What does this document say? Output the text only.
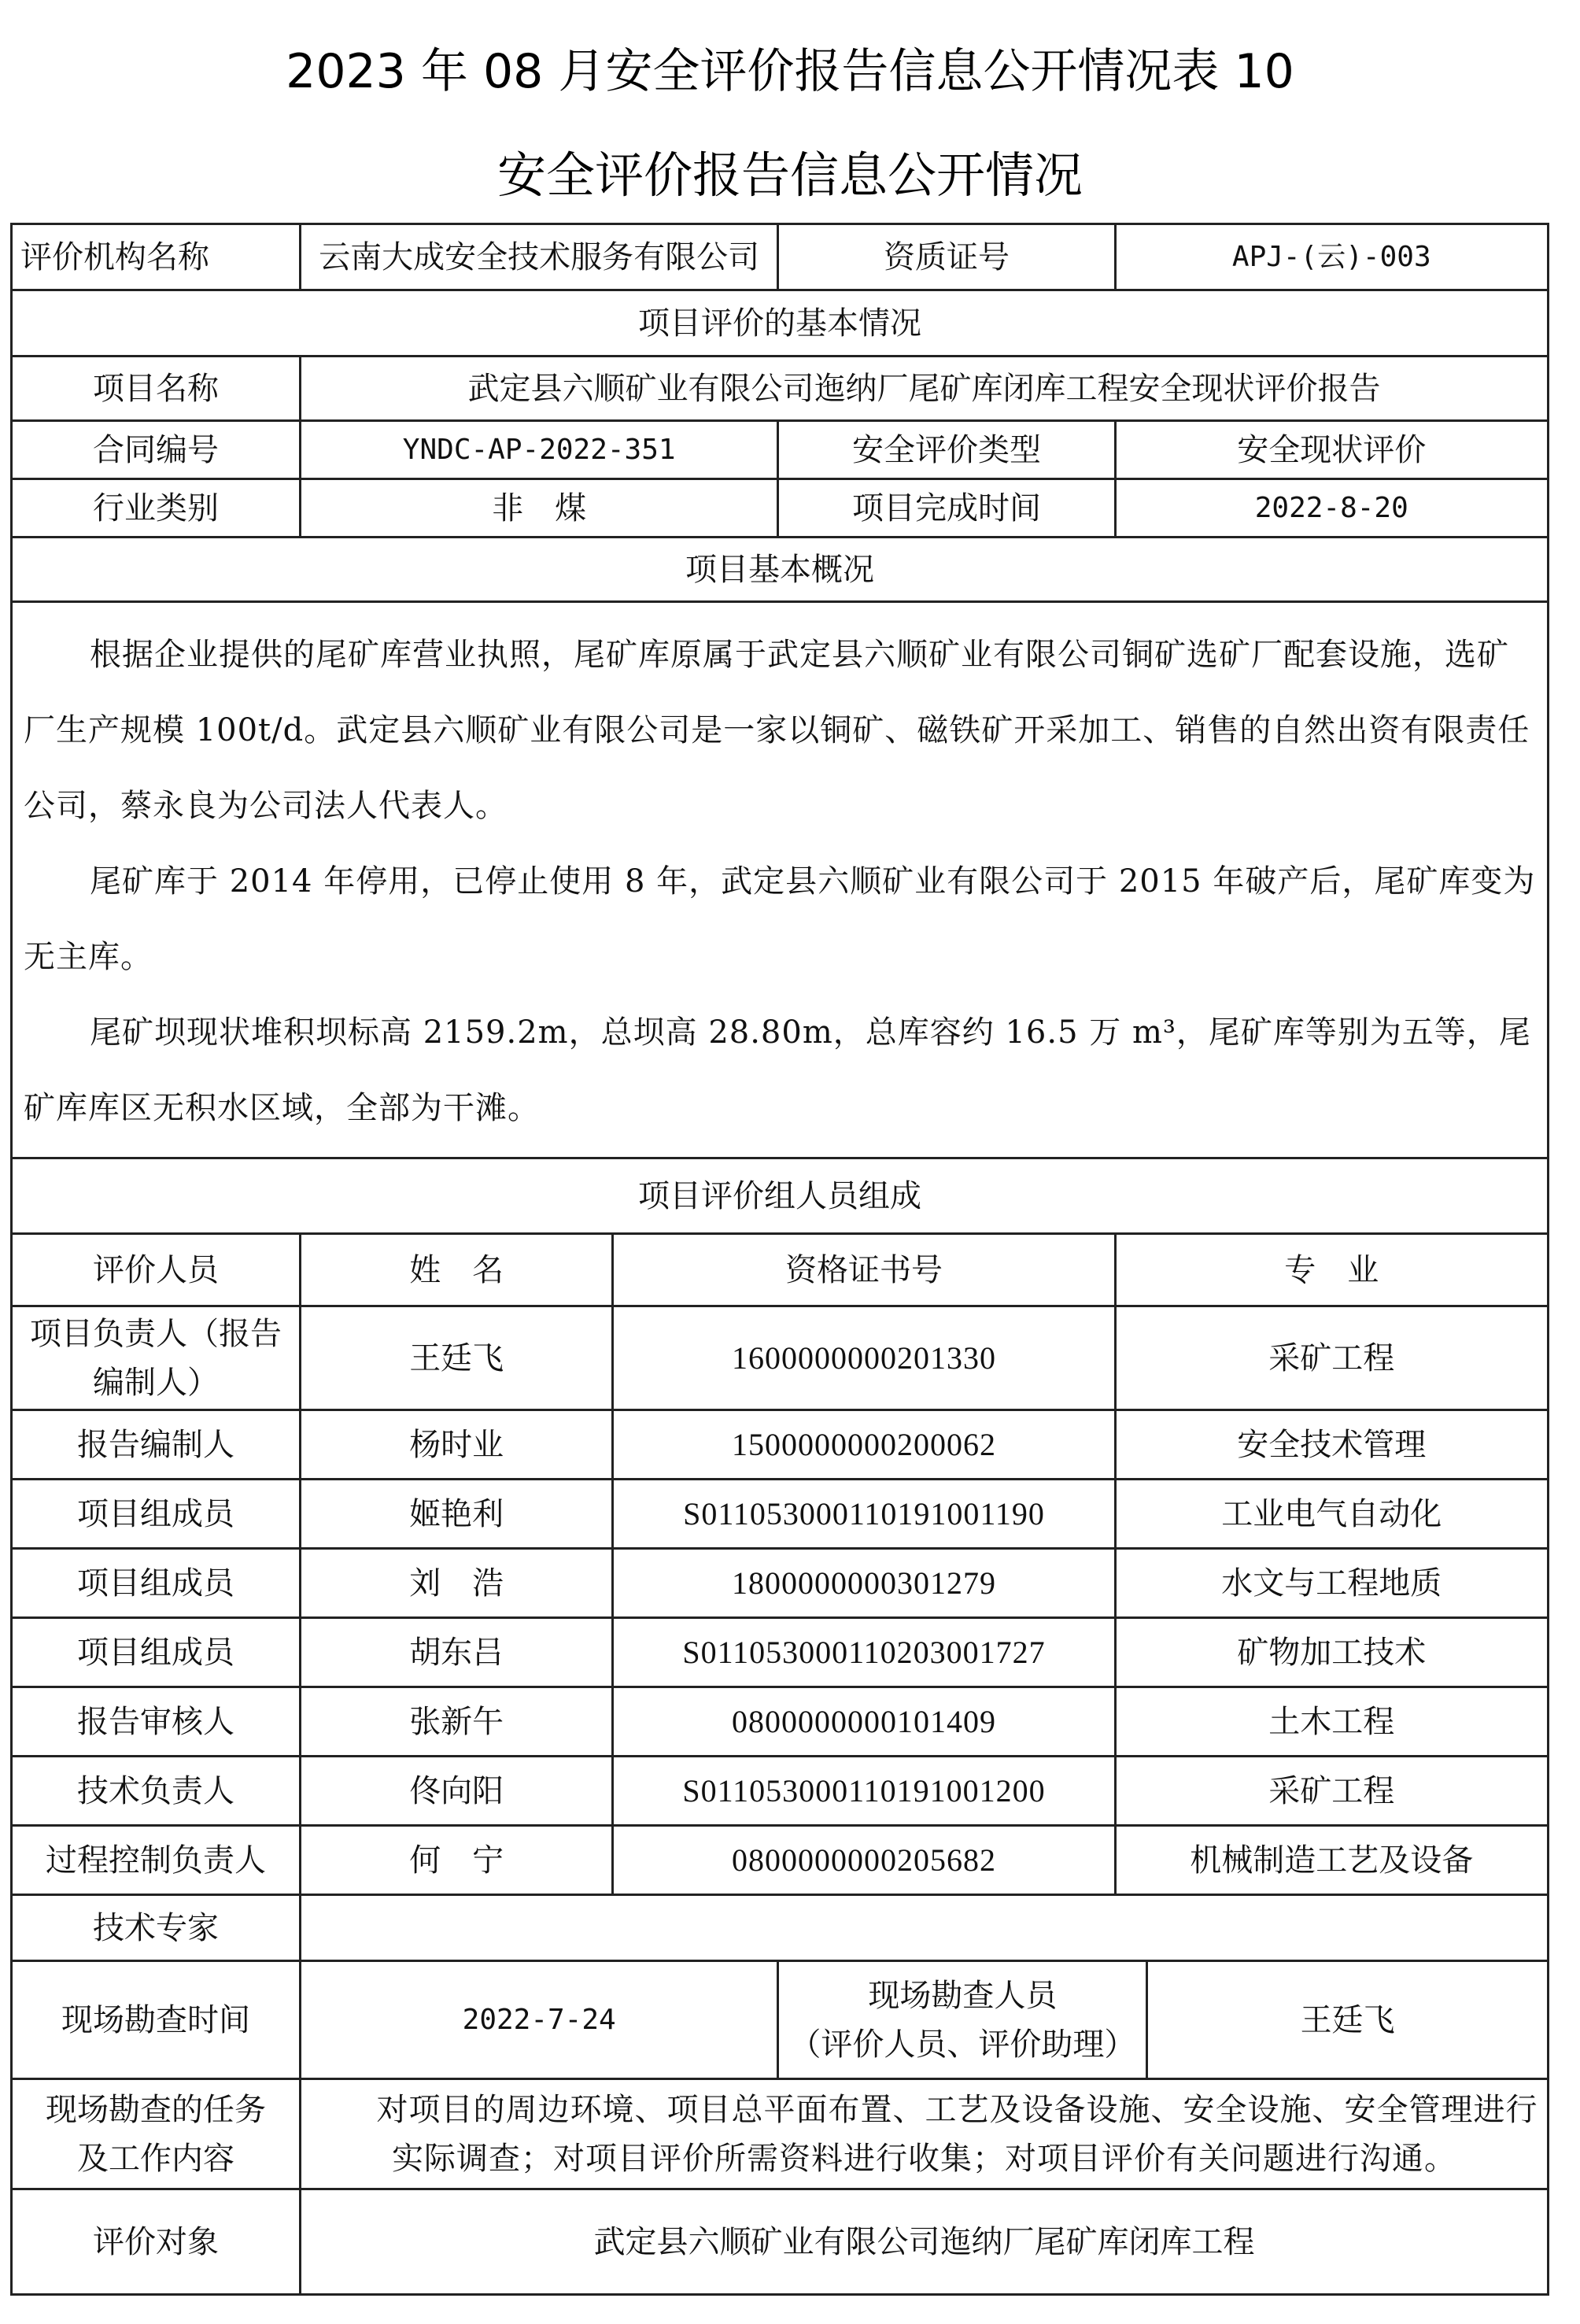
2023 年 08 月安全评价报告信息公开情况表 10
安全评价报告信息公开情况
评价机构名称	云南大成安全技术服务有限公司		资质证号	APJ-(云)-003	
项目评价的基本情况					
项目名称	武定县六顺矿业有限公司迤纳厂尾矿库闭库工程安全现状评价报告				
合同编号	YNDC-AP-2022-351		安全评价类型	安全现状评价	
行业类别	非　煤		项目完成时间	2022-8-20	
项目基本概况					

根据企业提供的尾矿库营业执照，尾矿库原属于武定县六顺矿业有限公司铜矿选矿厂配套设施，选矿厂生产规模 100t/d。武定县六顺矿业有限公司是一家以铜矿、磁铁矿开采加工、销售的自然出资有限责任公司，蔡永良为公司法人代表人。

尾矿库于 2014 年停用，已停止使用 8 年，武定县六顺矿业有限公司于 2015 年破产后，尾矿库变为无主库。

尾矿坝现状堆积坝标高 2159.2m，总坝高 28.80m，总库容约 16.5 万 m³，尾矿库等别为五等，尾矿库库区无积水区域，全部为干滩。					

项目评价组人员组成					
评价人员	姓　名	资格证书号		专　业	
项目负责人（报告编制人）	王廷飞	1600000000201330		采矿工程	
报告编制人	杨时业	1500000000200062		安全技术管理	
项目组成员	姬艳利	S011053000110191001190		工业电气自动化	
项目组成员	刘　浩	1800000000301279		水文与工程地质	
项目组成员	胡东吕	S011053000110203001727		矿物加工技术	
报告审核人	张新午	0800000000101409		土木工程	
技术负责人	佟向阳	S011053000110191001200		采矿工程	
过程控制负责人	何　宁	0800000000205682		机械制造工艺及设备	
技术专家					
现场勘查时间	2022-7-24		现场勘查人员
（评价人员、评价助理）		王廷飞

现场勘查的任务
及工作内容	对项目的周边环境、项目总平面布置、工艺及设备设施、安全设施、安全管理进行实际调查；对项目评价所需资料进行收集；对项目评价有关问题进行沟通。				
评价对象	武定县六顺矿业有限公司迤纳厂尾矿库闭库工程				
